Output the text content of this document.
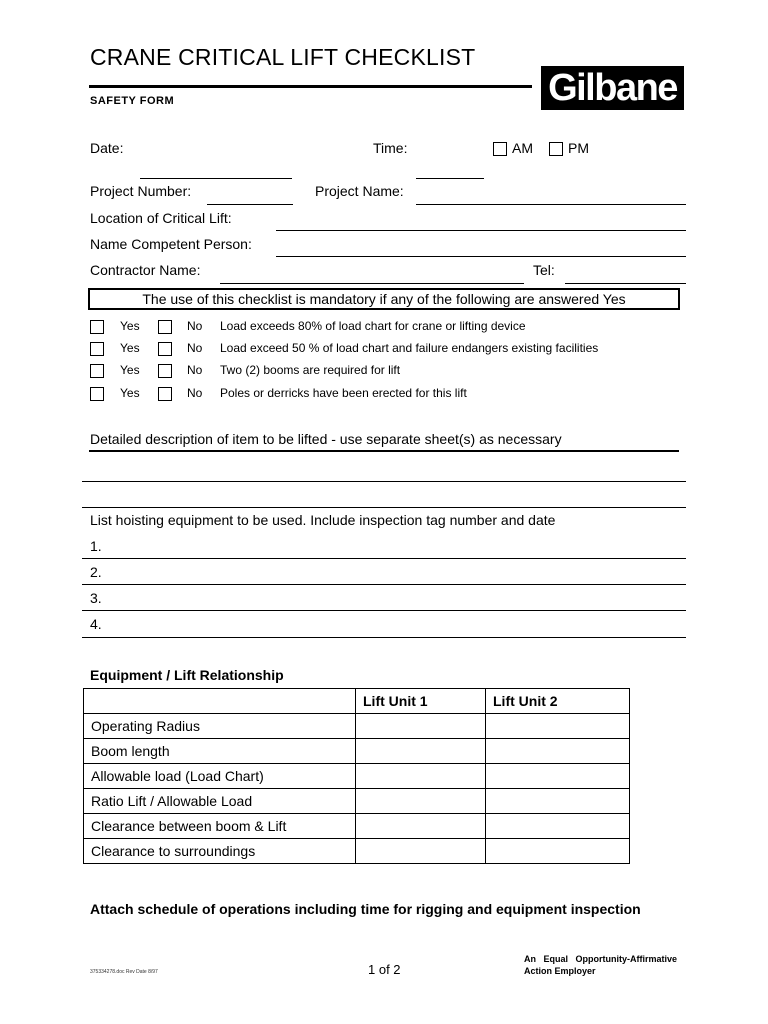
CRANE CRITICAL LIFT CHECKLIST
SAFETY FORM	Gilbane
Date:	Time:	AM	PM
Project Number:	Project Name:
Location of Critical Lift:
Name Competent Person:
Contractor Name:	Tel:
The use of this checklist is mandatory if any of the following are answered Yes
Yes	No Load exceeds 80% of load chart for crane or lifting device
Yes	No Load exceed 50 % of load chart and failure endangers existing facilities
Yes	No Two (2) booms are required for lift
Yes	No Poles or derricks have been erected for this lift
Detailed description of item to be lifted - use separate sheet(s) as necessary
List hoisting equipment to be used. Include inspection tag number and date
1.
2.
3.
4.
Equipment / Lift Relationship
	Lift Unit 1	Lift Unit 2
Operating Radius		
Boom length		
Allowable load (Load Chart)		
Ratio Lift / Allowable Load		
Clearance between boom & Lift		
Clearance to surroundings		
Attach schedule of operations including time for rigging and equipment inspection
375334278.doc Rev Date 8/97	1 of 2
An   Equal   Opportunity-Affirmative
Action Employer
